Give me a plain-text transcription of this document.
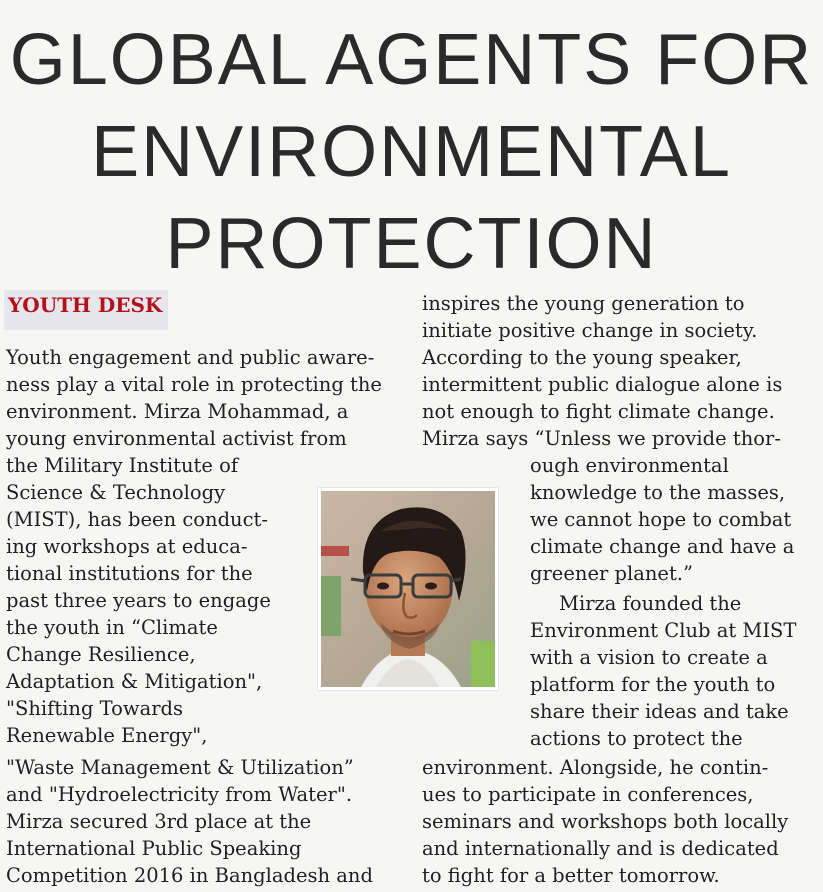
GLOBAL AGENTS FOR
ENVIRONMENTAL
PROTECTION
YOUTH DESK
Youth engagement and public aware-
ness play a vital role in protecting the
environment. Mirza Mohammad, a
young environmental activist from
the Military Institute of
Science & Technology
(MIST), has been conduct-
ing workshops at educa-
tional institutions for the
past three years to engage
the youth in “Climate
Change Resilience,
Adaptation & Mitigation",
"Shifting Towards
Renewable Energy",
"Waste Management & Utilization”
and "Hydroelectricity from Water".
Mirza secured 3rd place at the
International Public Speaking
Competition 2016 in Bangladesh and
inspires the young generation to
initiate positive change in society.
According to the young speaker,
intermittent public dialogue alone is
not enough to fight climate change.
Mirza says “Unless we provide thor-
ough environmental
knowledge to the masses,
we cannot hope to combat
climate change and have a
greener planet.”
Mirza founded the
Environment Club at MIST
with a vision to create a
platform for the youth to
share their ideas and take
actions to protect the
environment. Alongside, he contin-
ues to participate in conferences,
seminars and workshops both locally
and internationally and is dedicated
to fight for a better tomorrow.
